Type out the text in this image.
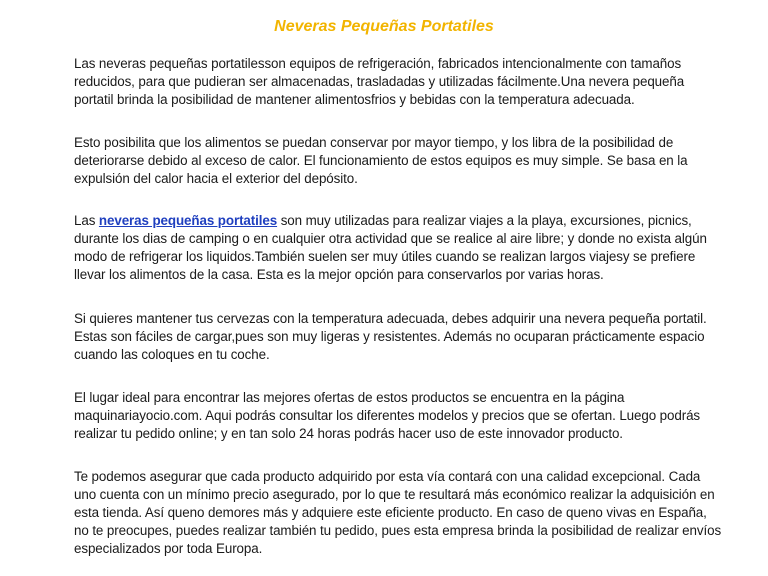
Neveras Pequeñas Portatiles

Las neveras pequeñas portatilesson equipos de refrigeración, fabricados intencionalmente con tamaños reducidos, para que pudieran ser almacenadas, trasladadas y utilizadas fácilmente.Una nevera pequeña portatil brinda la posibilidad de mantener alimentosfrios y bebidas con la temperatura adecuada.

Esto posibilita que los alimentos se puedan conservar por mayor tiempo, y los libra de la posibilidad de deteriorarse debido al exceso de calor. El funcionamiento de estos equipos es muy simple. Se basa en la expulsión del calor hacia el exterior del depósito.

Las neveras pequeñas portatiles son muy utilizadas para realizar viajes a la playa, excursiones, picnics, durante los dias de camping o en cualquier otra actividad que se realice al aire libre; y donde no exista algún modo de refrigerar los liquidos.También suelen ser muy útiles cuando se realizan largos viajesy se prefiere llevar los alimentos de la casa. Esta es la mejor opción para conservarlos por varias horas.

Si quieres mantener tus cervezas con la temperatura adecuada, debes adquirir una nevera pequeña portatil. Estas son fáciles de cargar,pues son muy ligeras y resistentes. Además no ocuparan prácticamente espacio cuando las coloques en tu coche.

El lugar ideal para encontrar las mejores ofertas de estos productos se encuentra en la página maquinariayocio.com. Aqui podrás consultar los diferentes modelos y precios que se ofertan. Luego podrás realizar tu pedido online; y en tan solo 24 horas podrás hacer uso de este innovador producto.

Te podemos asegurar que cada producto adquirido por esta vía contará con una calidad excepcional. Cada uno cuenta con un mínimo precio asegurado, por lo que te resultará más económico realizar la adquisición en esta tienda. Así queno demores más y adquiere este eficiente producto. En caso de queno vivas en España, no te preocupes, puedes realizar también tu pedido, pues esta empresa brinda la posibilidad de realizar envíos especializados por toda Europa.
